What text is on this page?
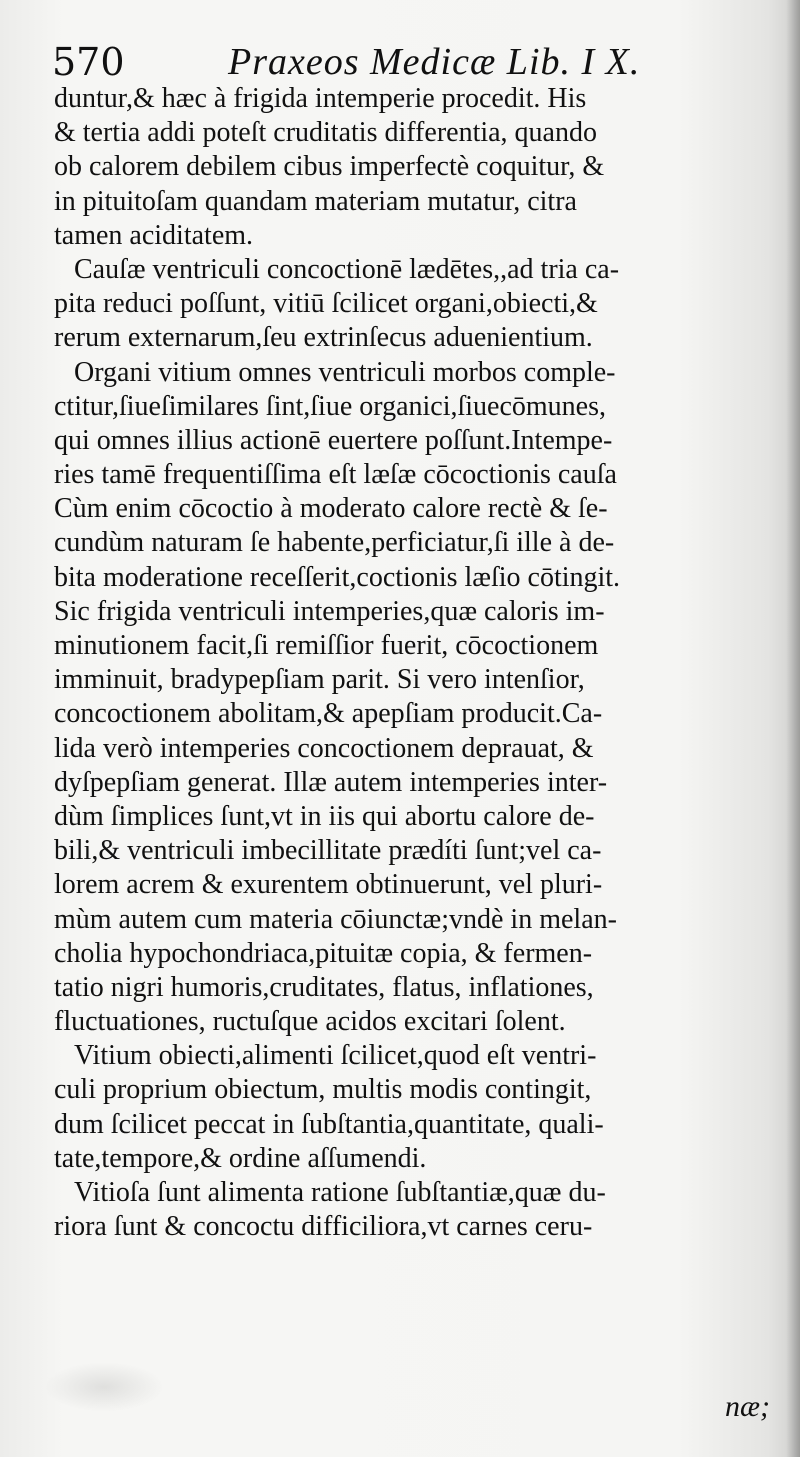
570	Praxeos Medicæ Lib. I X.
duntur,& hæc à frigida intemperie procedit. His
& tertia addi poteſt cruditatis differentia, quando
ob calorem debilem cibus imperfectè coquitur, &
in pituitoſam quandam materiam mutatur, citra
tamen aciditatem.
Cauſæ ventriculi concoctionē lædētes,,ad tria ca-
pita reduci poſſunt, vitiū ſcilicet organi,obiecti,&
rerum externarum,ſeu extrinſecus aduenientium.
Organi vitium omnes ventriculi morbos comple-
ctitur,ſiueſimilares ſint,ſiue organici,ſiuecōmunes,
qui omnes illius actionē euertere poſſunt.Intempe-
ries tamē frequentiſſima eſt læſæ cōcoctionis cauſa
Cùm enim cōcoctio à moderato calore rectè & ſe-
cundùm naturam ſe habente,perficiatur,ſi ille à de-
bita moderatione receſſerit,coctionis læſio cōtingit.
Sic frigida ventriculi intemperies,quæ caloris im-
minutionem facit,ſi remiſſior fuerit, cōcoctionem
imminuit, bradypepſiam parit. Si vero intenſior,
concoctionem abolitam,& apepſiam producit.Ca-
lida verò intemperies concoctionem deprauat, &
dyſpepſiam generat. Illæ autem intemperies inter-
dùm ſimplices ſunt,vt in iis qui abortu calore de-
bili,& ventriculi imbecillitate prædíti ſunt;vel ca-
lorem acrem & exurentem obtinuerunt, vel pluri-
mùm autem cum materia cōiunctæ;vndè in melan-
cholia hypochondriaca,pituitæ copia, & fermen-
tatio nigri humoris,cruditates, flatus, inflationes,
fluctuationes, ructuſque acidos excitari ſolent.
Vitium obiecti,alimenti ſcilicet,quod eſt ventri-
culi proprium obiectum, multis modis contingit,
dum ſcilicet peccat in ſubſtantia,quantitate, quali-
tate,tempore,& ordine aſſumendi.
Vitioſa ſunt alimenta ratione ſubſtantiæ,quæ du-
riora ſunt & concoctu difficiliora,vt carnes ceru-
næ;
